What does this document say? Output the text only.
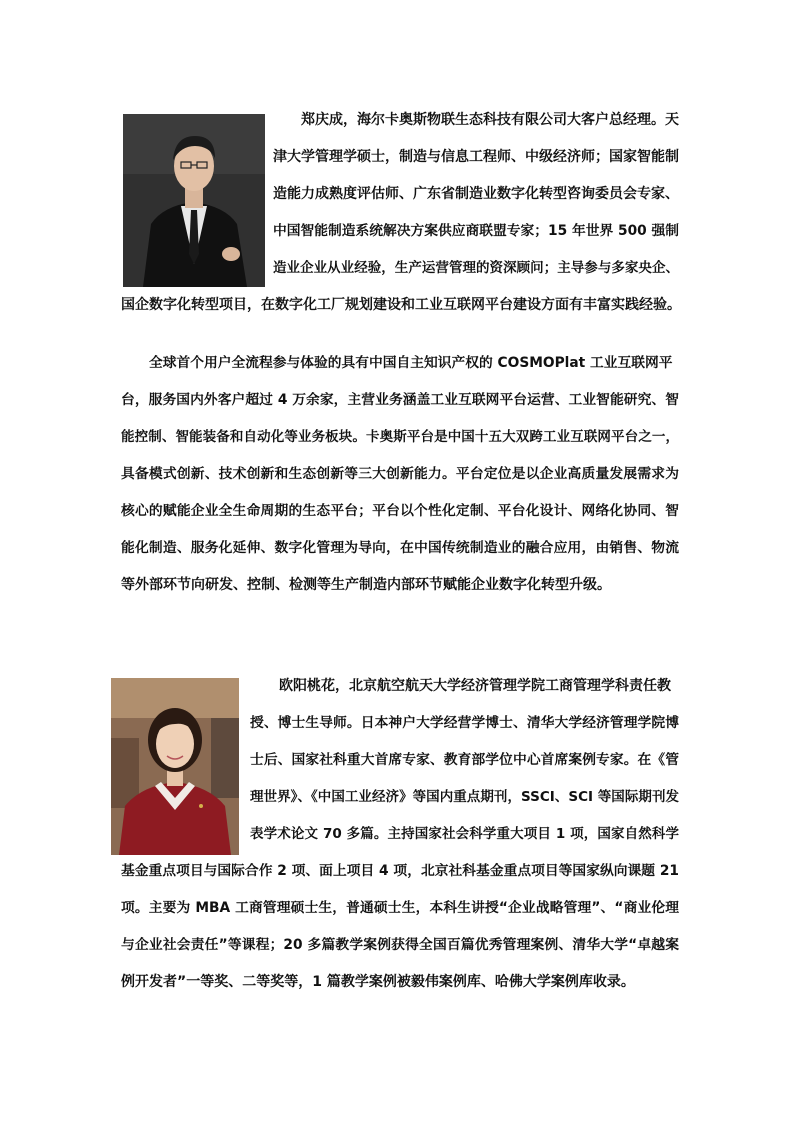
郑庆成，海尔卡奥斯物联生态科技有限公司大客户总经理。天
津大学管理学硕士，制造与信息工程师、中级经济师；国家智能制
造能力成熟度评估师、广东省制造业数字化转型咨询委员会专家、
中国智能制造系统解决方案供应商联盟专家；15 年世界 500 强制
造业企业从业经验，生产运营管理的资深顾问；主导参与多家央企、
国企数字化转型项目，在数字化工厂规划建设和工业互联网平台建设方面有丰富实践经验。
全球首个用户全流程参与体验的具有中国自主知识产权的 COSMOPlat 工业互联网平
台，服务国内外客户超过 4 万余家，主营业务涵盖工业互联网平台运营、工业智能研究、智
能控制、智能装备和自动化等业务板块。卡奥斯平台是中国十五大双跨工业互联网平台之一，
具备模式创新、技术创新和生态创新等三大创新能力。平台定位是以企业高质量发展需求为
核心的赋能企业全生命周期的生态平台；平台以个性化定制、平台化设计、网络化协同、智
能化制造、服务化延伸、数字化管理为导向，在中国传统制造业的融合应用，由销售、物流
等外部环节向研发、控制、检测等生产制造内部环节赋能企业数字化转型升级。
欧阳桃花，北京航空航天大学经济管理学院工商管理学科责任教
授、博士生导师。日本神户大学经营学博士、清华大学经济管理学院博
士后、国家社科重大首席专家、教育部学位中心首席案例专家。在《管
理世界》、《中国工业经济》等国内重点期刊，SSCI、SCI 等国际期刊发
表学术论文 70 多篇。主持国家社会科学重大项目 1 项，国家自然科学
基金重点项目与国际合作 2 项、面上项目 4 项，北京社科基金重点项目等国家纵向课题 21
项。主要为 MBA 工商管理硕士生，普通硕士生，本科生讲授“企业战略管理”、“商业伦理
与企业社会责任”等课程；20 多篇教学案例获得全国百篇优秀管理案例、清华大学“卓越案
例开发者”一等奖、二等奖等，1 篇教学案例被毅伟案例库、哈佛大学案例库收录。
